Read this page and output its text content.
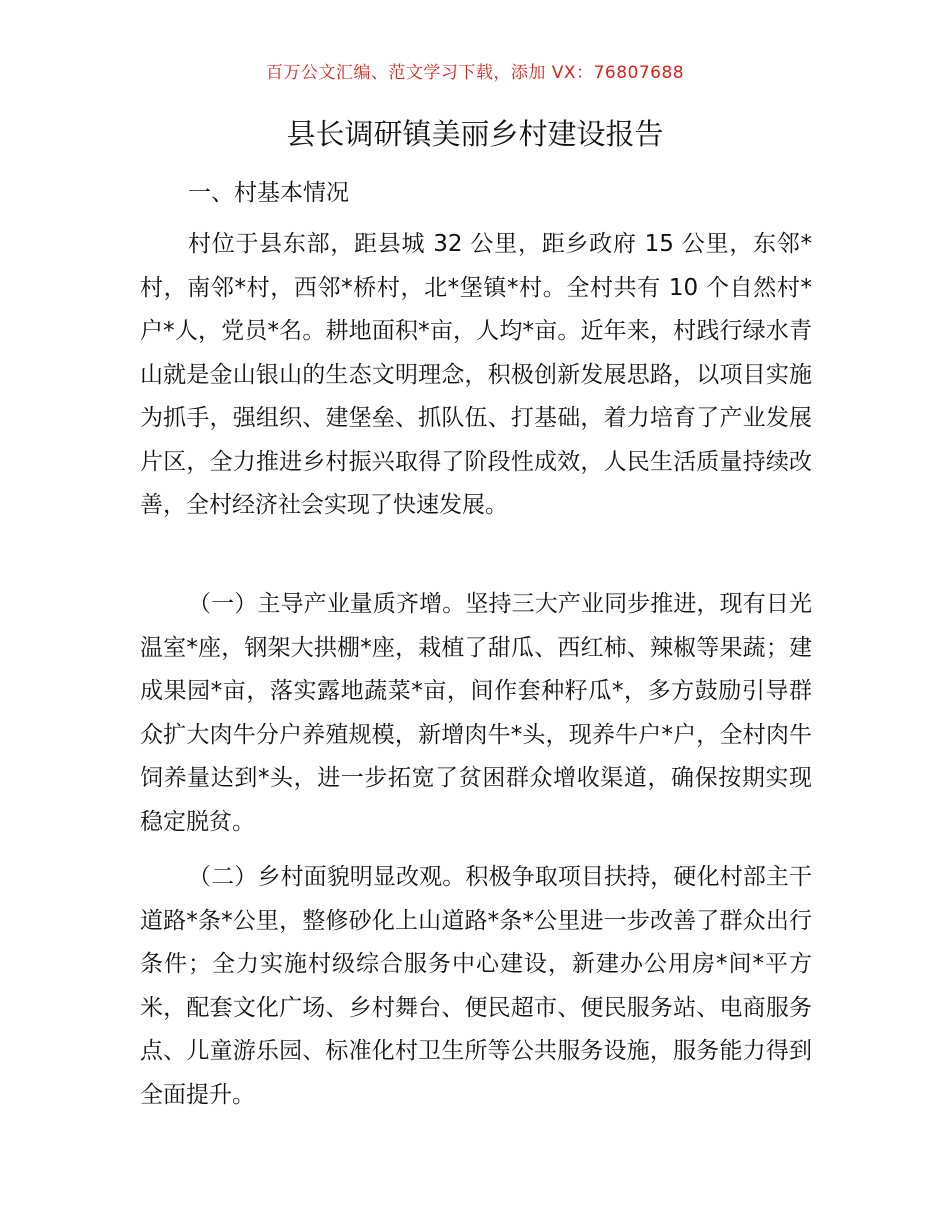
百万公文汇编、范文学习下载，添加 VX：76807688
县长调研镇美丽乡村建设报告

一、村基本情况

村位于县东部，距县城 32 公里，距乡政府 15 公里，东邻*村，南邻*村，西邻*桥村，北*堡镇*村。全村共有 10 个自然村*户*人，党员*名。耕地面积*亩，人均*亩。近年来，村践行绿水青山就是金山银山的生态文明理念，积极创新发展思路，以项目实施为抓手，强组织、建堡垒、抓队伍、打基础，着力培育了产业发展片区，全力推进乡村振兴取得了阶段性成效，人民生活质量持续改善，全村经济社会实现了快速发展。

（一）主导产业量质齐增。坚持三大产业同步推进，现有日光温室*座，钢架大拱棚*座，栽植了甜瓜、西红柿、辣椒等果蔬；建成果园*亩，落实露地蔬菜*亩，间作套种籽瓜*，多方鼓励引导群众扩大肉牛分户养殖规模，新增肉牛*头，现养牛户*户，全村肉牛饲养量达到*头，进一步拓宽了贫困群众增收渠道，确保按期实现稳定脱贫。

（二）乡村面貌明显改观。积极争取项目扶持，硬化村部主干道路*条*公里，整修砂化上山道路*条*公里进一步改善了群众出行条件；全力实施村级综合服务中心建设，新建办公用房*间*平方米，配套文化广场、乡村舞台、便民超市、便民服务站、电商服务点、儿童游乐园、标准化村卫生所等公共服务设施，服务能力得到全面提升。
